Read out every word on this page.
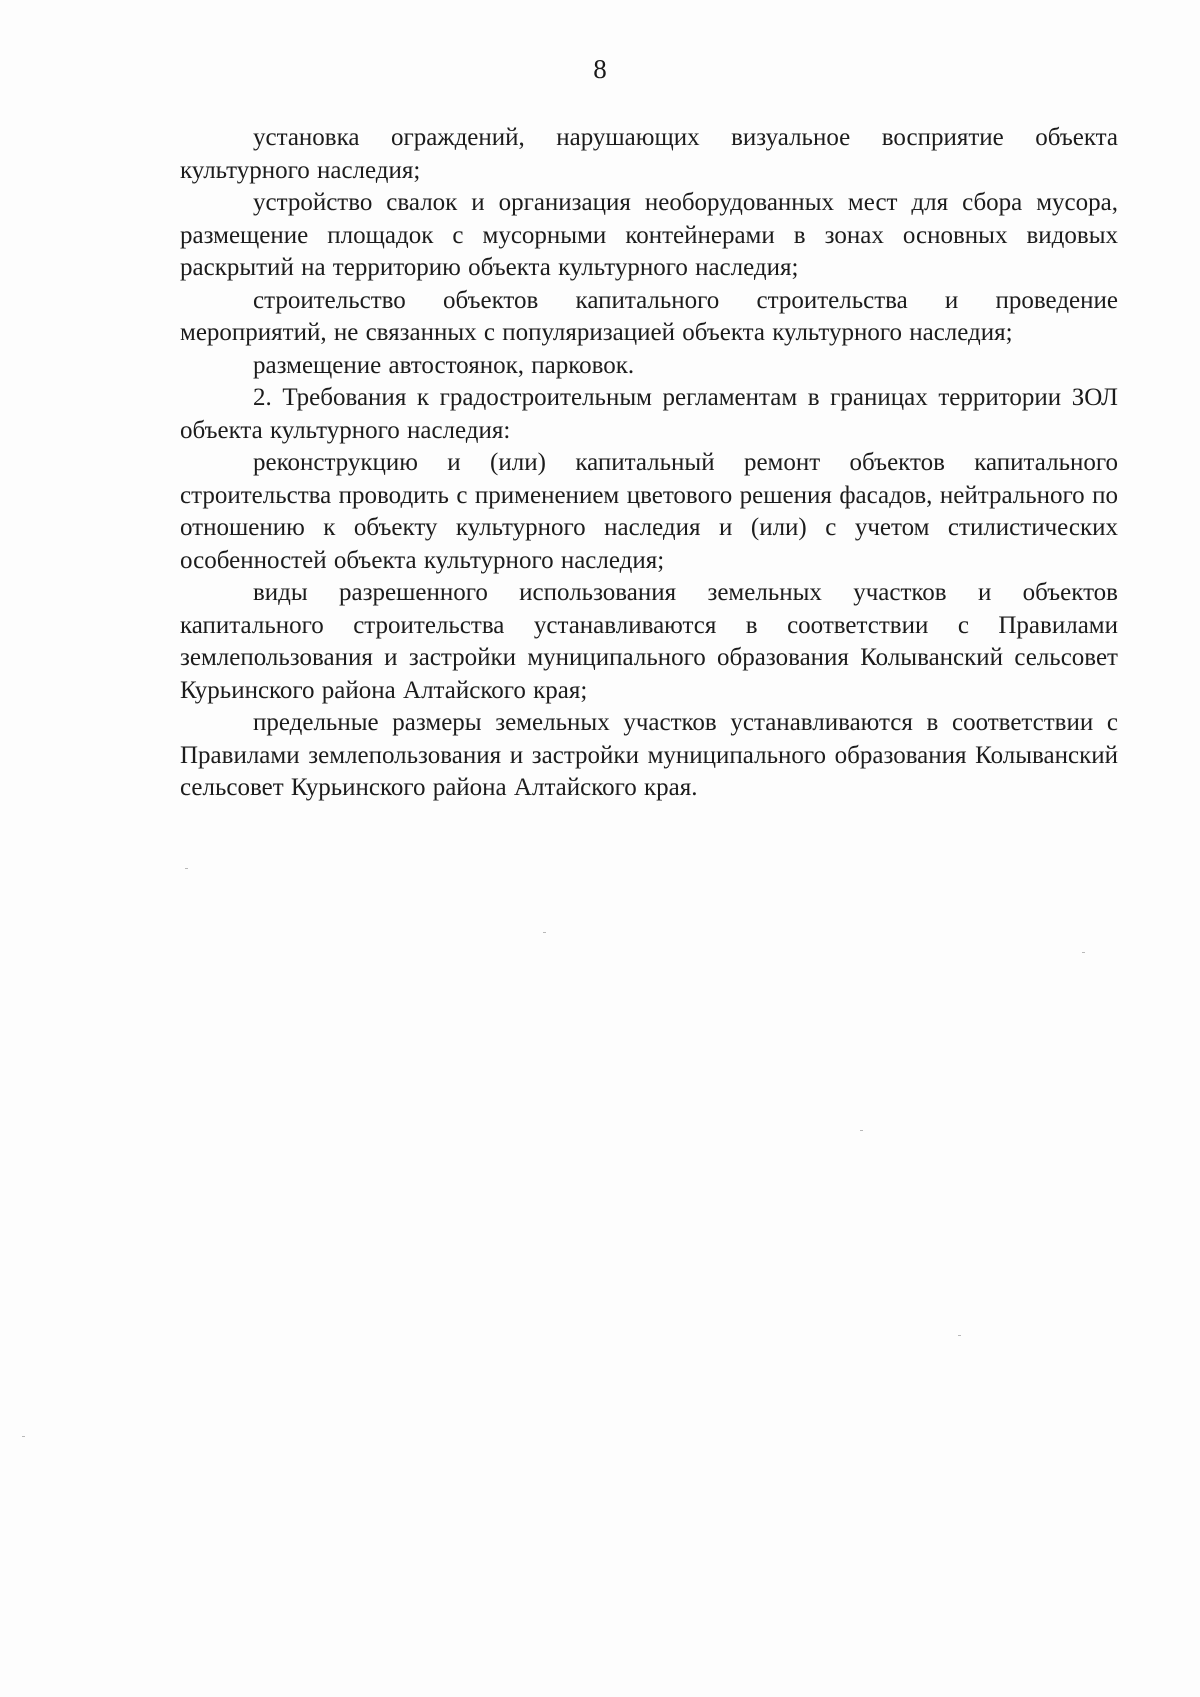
8

установка ограждений, нарушающих визуальное восприятие объекта культурного наследия;

устройство свалок и организация необорудованных мест для сбора мусора, размещение площадок с мусорными контейнерами в зонах основных видовых раскрытий на территорию объекта культурного наследия;

строительство объектов капитального строительства и проведение мероприятий, не связанных с популяризацией объекта культурного наследия;

размещение автостоянок, парковок.

2. Требования к градостроительным регламентам в границах территории ЗОЛ объекта культурного наследия:

реконструкцию и (или) капитальный ремонт объектов капитального строительства проводить с применением цветового решения фасадов, нейтрального по отношению к объекту культурного наследия и (или) с учетом стилистических особенностей объекта культурного наследия;

виды разрешенного использования земельных участков и объектов капитального строительства устанавливаются в соответствии с Правилами землепользования и застройки муниципального образования Колыванский сельсовет Курьинского района Алтайского края;

предельные размеры земельных участков устанавливаются в соответствии с Правилами землепользования и застройки муниципального образования Колыванский сельсовет Курьинского района Алтайского края.
